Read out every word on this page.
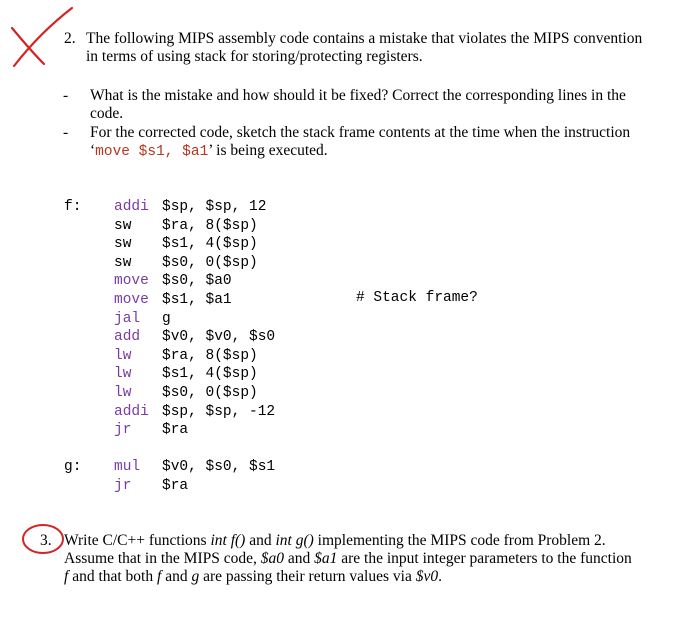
2. The following MIPS assembly code contains a mistake that violates the MIPS convention
in terms of using stack for storing/protecting registers.
- What is the mistake and how should it be fixed? Correct the corresponding lines in the
code.
- For the corrected code, sketch the stack frame contents at the time when the instruction
‘move $s1, $a1’ is being executed.
f: addi $sp, $sp, 12
sw $ra, 8($sp)
sw $s1, 4($sp)
sw $s0, 0($sp)
move $s0, $a0
move $s1, $a1
jal g
add $v0, $v0, $s0
lw $ra, 8($sp)
lw $s1, 4($sp)
lw $s0, 0($sp)
addi $sp, $sp, -12
jr $ra
# Stack frame?
g: mul $v0, $s0, $s1
jr $ra
3. Write C/C++ functions int f() and int g() implementing the MIPS code from Problem 2.
Assume that in the MIPS code, $a0 and $a1 are the input integer parameters to the function
f and that both f and g are passing their return values via $v0.
